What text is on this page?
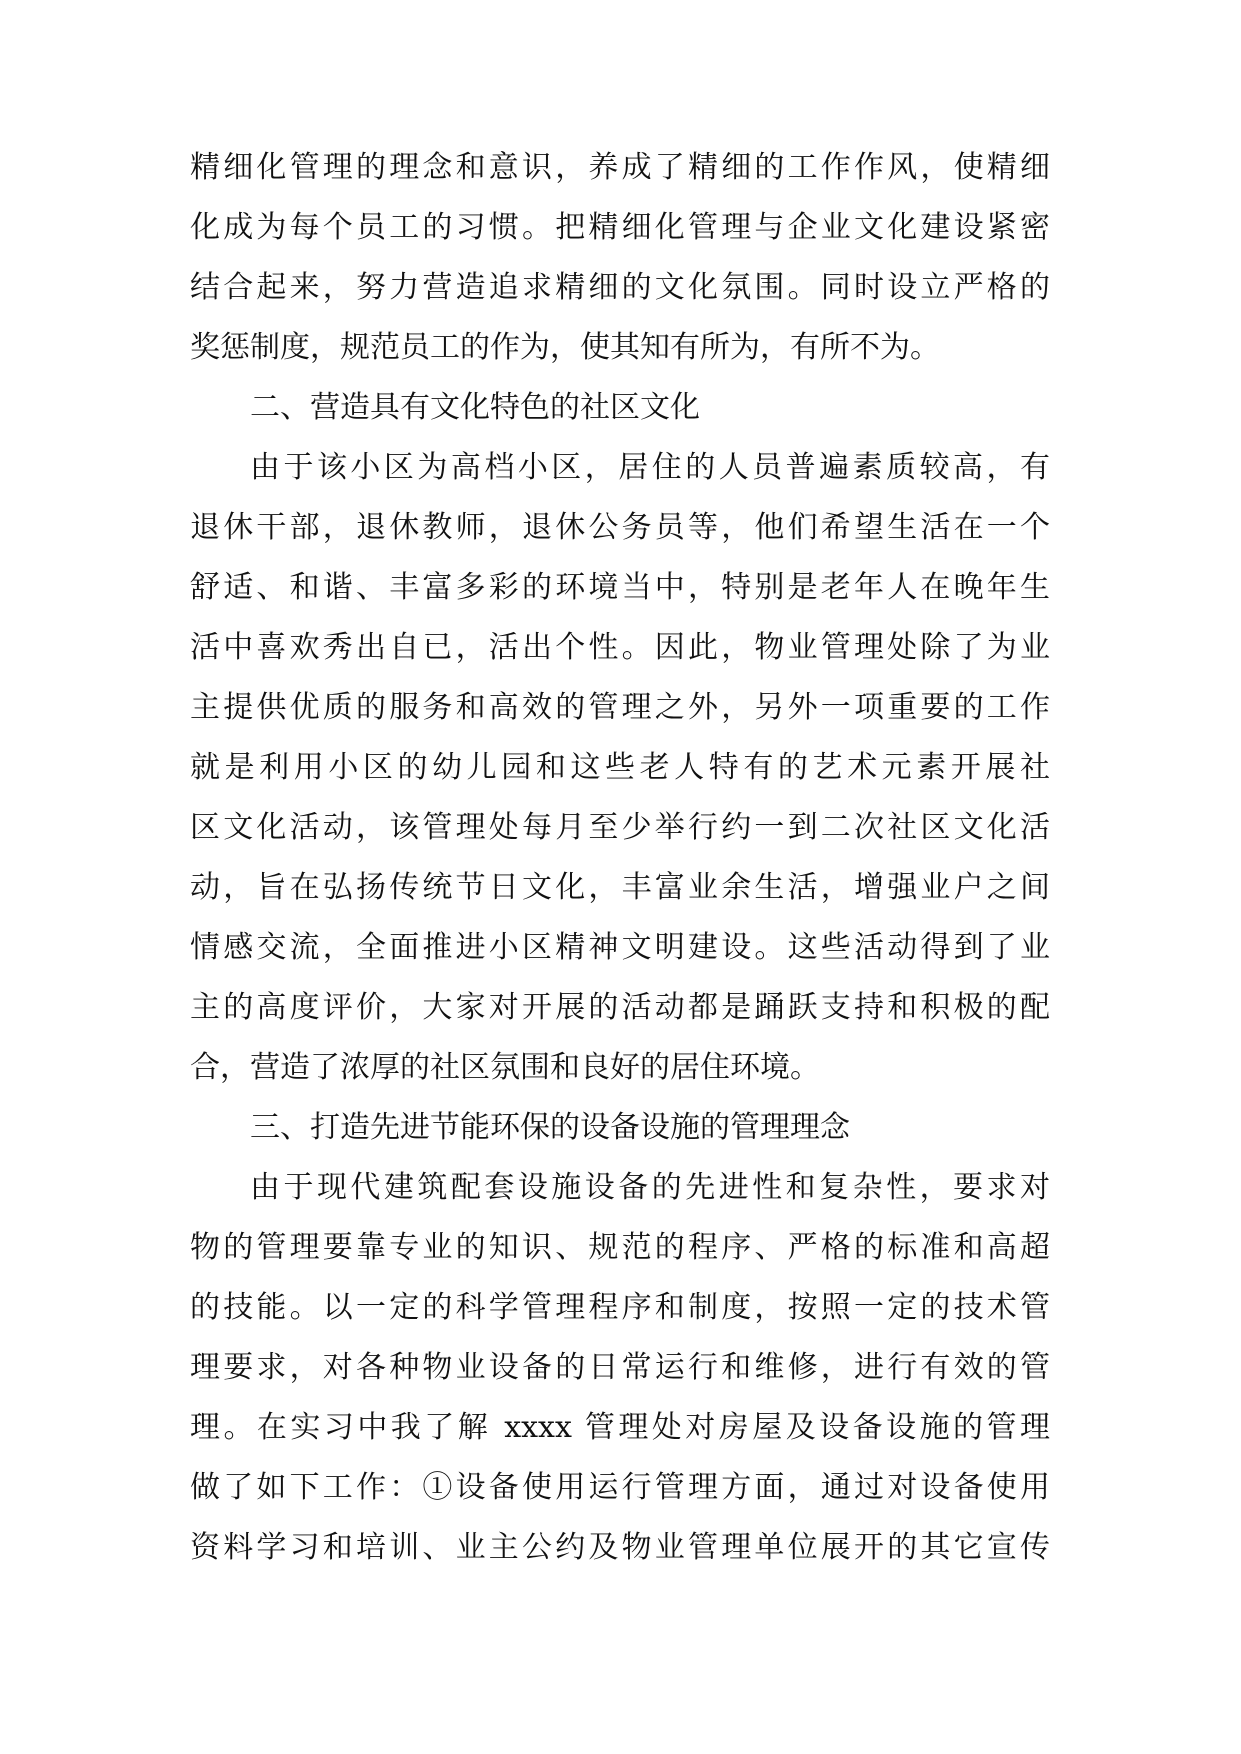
精细化管理的理念和意识，养成了精细的工作作风，使精细
化成为每个员工的习惯。把精细化管理与企业文化建设紧密
结合起来，努力营造追求精细的文化氛围。同时设立严格的
奖惩制度，规范员工的作为，使其知有所为，有所不为。
二、营造具有文化特色的社区文化
由于该小区为高档小区，居住的人员普遍素质较高，有
退休干部，退休教师，退休公务员等，他们希望生活在一个
舒适、和谐、丰富多彩的环境当中，特别是老年人在晚年生
活中喜欢秀出自已，活出个性。因此，物业管理处除了为业
主提供优质的服务和高效的管理之外，另外一项重要的工作
就是利用小区的幼儿园和这些老人特有的艺术元素开展社
区文化活动，该管理处每月至少举行约一到二次社区文化活
动，旨在弘扬传统节日文化，丰富业余生活，增强业户之间
情感交流，全面推进小区精神文明建设。这些活动得到了业
主的高度评价，大家对开展的活动都是踊跃支持和积极的配
合，营造了浓厚的社区氛围和良好的居住环境。
三、打造先进节能环保的设备设施的管理理念
由于现代建筑配套设施设备的先进性和复杂性，要求对
物的管理要靠专业的知识、规范的程序、严格的标准和高超
的技能。以一定的科学管理程序和制度，按照一定的技术管
理要求，对各种物业设备的日常运行和维修，进行有效的管
理。在实习中我了解 xxxx 管理处对房屋及设备设施的管理
做了如下工作：①设备使用运行管理方面，通过对设备使用
资料学习和培训、业主公约及物业管理单位展开的其它宣传
